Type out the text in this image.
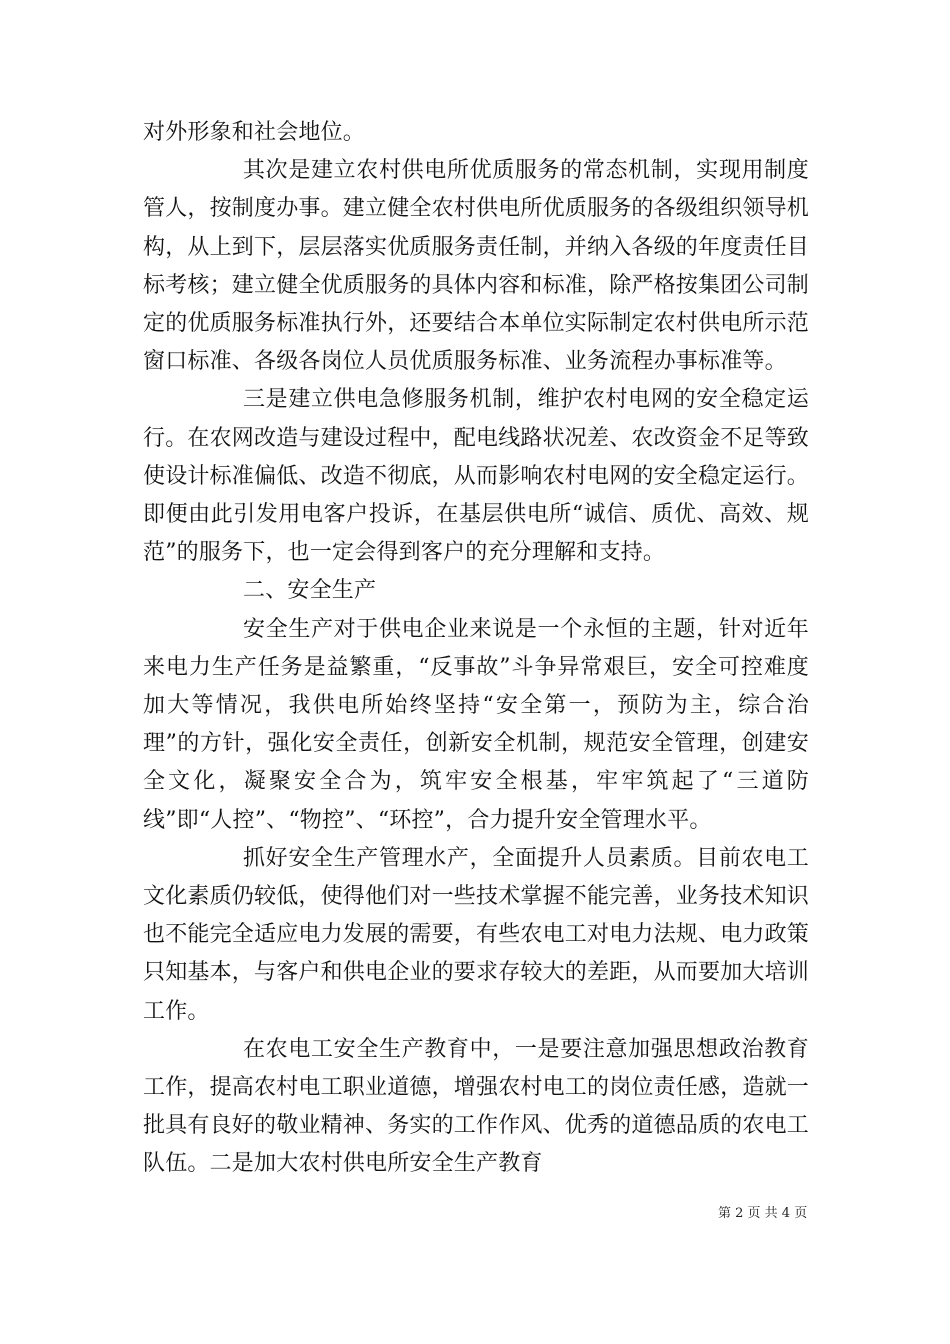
对外形象和社会地位。

其次是建立农村供电所优质服务的常态机制，实现用制度管人，按制度办事。建立健全农村供电所优质服务的各级组织领导机构，从上到下，层层落实优质服务责任制，并纳入各级的年度责任目标考核；建立健全优质服务的具体内容和标准，除严格按集团公司制定的优质服务标准执行外，还要结合本单位实际制定农村供电所示范窗口标准、各级各岗位人员优质服务标准、业务流程办事标准等。

三是建立供电急修服务机制，维护农村电网的安全稳定运行。在农网改造与建设过程中，配电线路状况差、农改资金不足等致使设计标准偏低、改造不彻底，从而影响农村电网的安全稳定运行。即便由此引发用电客户投诉，在基层供电所“诚信、质优、高效、规范”的服务下，也一定会得到客户的充分理解和支持。

二、安全生产

安全生产对于供电企业来说是一个永恒的主题，针对近年来电力生产任务是益繁重，“反事故”斗争异常艰巨，安全可控难度加大等情况，我供电所始终坚持“安全第一，预防为主，综合治理”的方针，强化安全责任，创新安全机制，规范安全管理，创建安全文化，凝聚安全合为，筑牢安全根基，牢牢筑起了“三道防线”即“人控”、“物控”、“环控”，合力提升安全管理水平。

抓好安全生产管理水产，全面提升人员素质。目前农电工文化素质仍较低，使得他们对一些技术掌握不能完善，业务技术知识也不能完全适应电力发展的需要，有些农电工对电力法规、电力政策只知基本，与客户和供电企业的要求存较大的差距，从而要加大培训工作。

在农电工安全生产教育中，一是要注意加强思想政治教育工作，提高农村电工职业道德，增强农村电工的岗位责任感，造就一批具有良好的敬业精神、务实的工作作风、优秀的道德品质的农电工队伍。二是加大农村供电所安全生产教育

第 2 页 共 4 页
